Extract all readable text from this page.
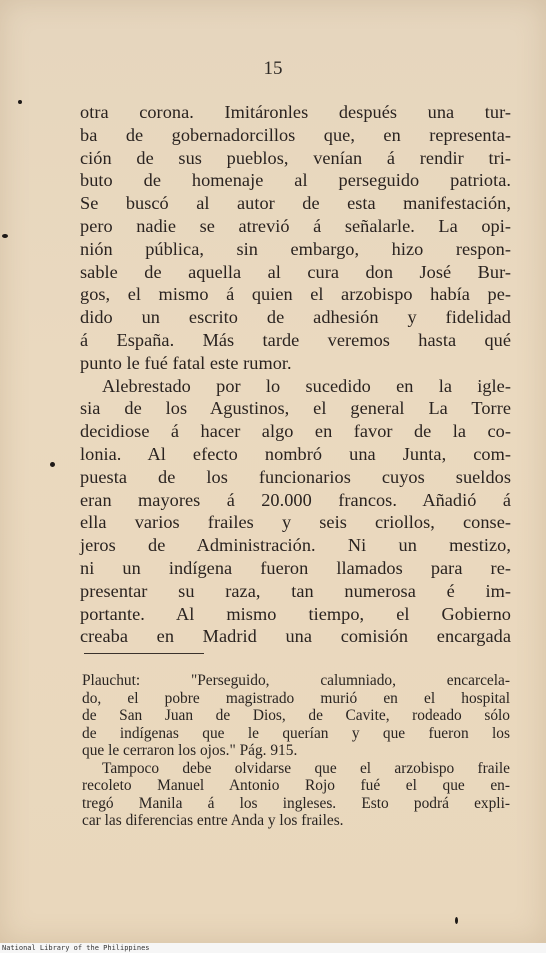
15
otra corona. Imitáronles después una tur-
ba de gobernadorcillos que, en representa-
ción de sus pueblos, venían á rendir tri-
buto de homenaje al perseguido patriota.
Se buscó al autor de esta manifestación,
pero nadie se atrevió á señalarle. La opi-
nión pública, sin embargo, hizo respon-
sable de aquella al cura don José Bur-
gos, el mismo á quien el arzobispo había pe-
dido un escrito de adhesión y fidelidad
á España. Más tarde veremos hasta qué
punto le fué fatal este rumor.
Alebrestado por lo sucedido en la igle-
sia de los Agustinos, el general La Torre
decidiose á hacer algo en favor de la co-
lonia. Al efecto nombró una Junta, com-
puesta de los funcionarios cuyos sueldos
eran mayores á 20.000 francos. Añadió á
ella varios frailes y seis criollos, conse-
jeros de Administración. Ni un mestizo,
ni un indígena fueron llamados para re-
presentar su raza, tan numerosa é im-
portante. Al mismo tiempo, el Gobierno
creaba en Madrid una comisión encargada
Plauchut: "Perseguido, calumniado, encarcela-
do, el pobre magistrado murió en el hospital
de San Juan de Dios, de Cavite, rodeado sólo
de indígenas que le querían y que fueron los
que le cerraron los ojos." Pág. 915.
Tampoco debe olvidarse que el arzobispo fraile
recoleto Manuel Antonio Rojo fué el que en-
tregó Manila á los ingleses. Esto podrá expli-
car las diferencias entre Anda y los frailes.
National Library of the Philippines
